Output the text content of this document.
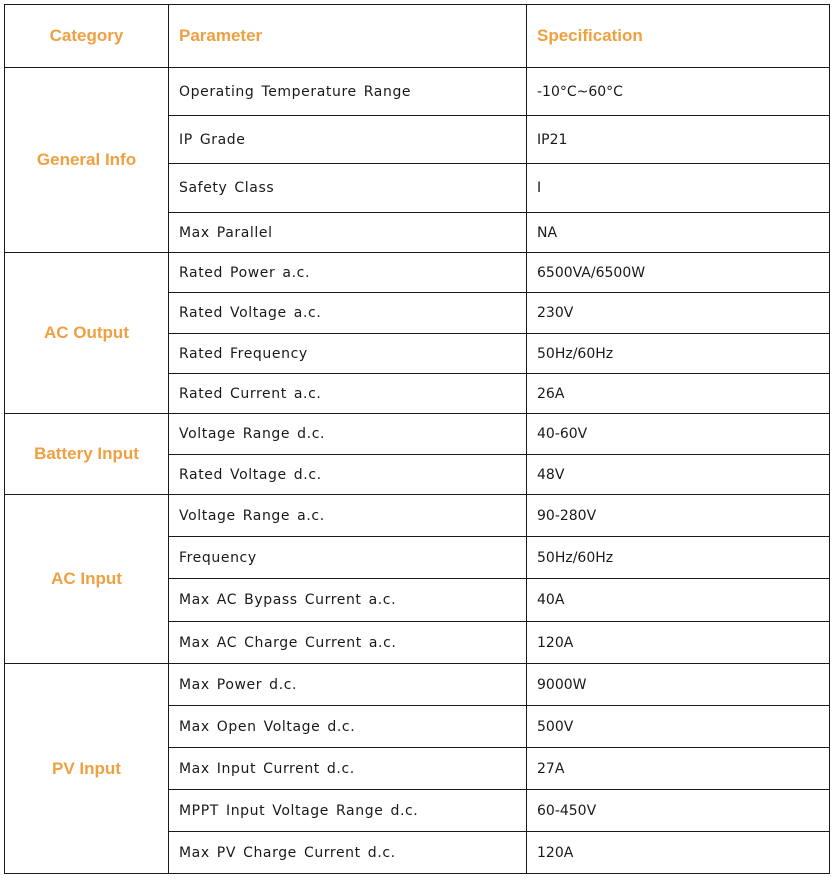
Category	Parameter	Specification
General Info	Operating Temperature Range	-10°C~60°C
	IP Grade	IP21
	Safety Class	I
	Max Parallel	NA
AC Output	Rated Power a.c.	6500VA/6500W
	Rated Voltage a.c.	230V
	Rated Frequency	50Hz/60Hz
	Rated Current a.c.	26A
Battery Input	Voltage Range d.c.	40-60V
	Rated Voltage d.c.	48V
AC Input	Voltage Range a.c.	90-280V
	Frequency	50Hz/60Hz
	Max AC Bypass Current a.c.	40A
	Max AC Charge Current a.c.	120A
PV Input	Max Power d.c.	9000W
	Max Open Voltage d.c.	500V
	Max Input Current d.c.	27A
	MPPT Input Voltage Range d.c.	60-450V
	Max PV Charge Current d.c.	120A
